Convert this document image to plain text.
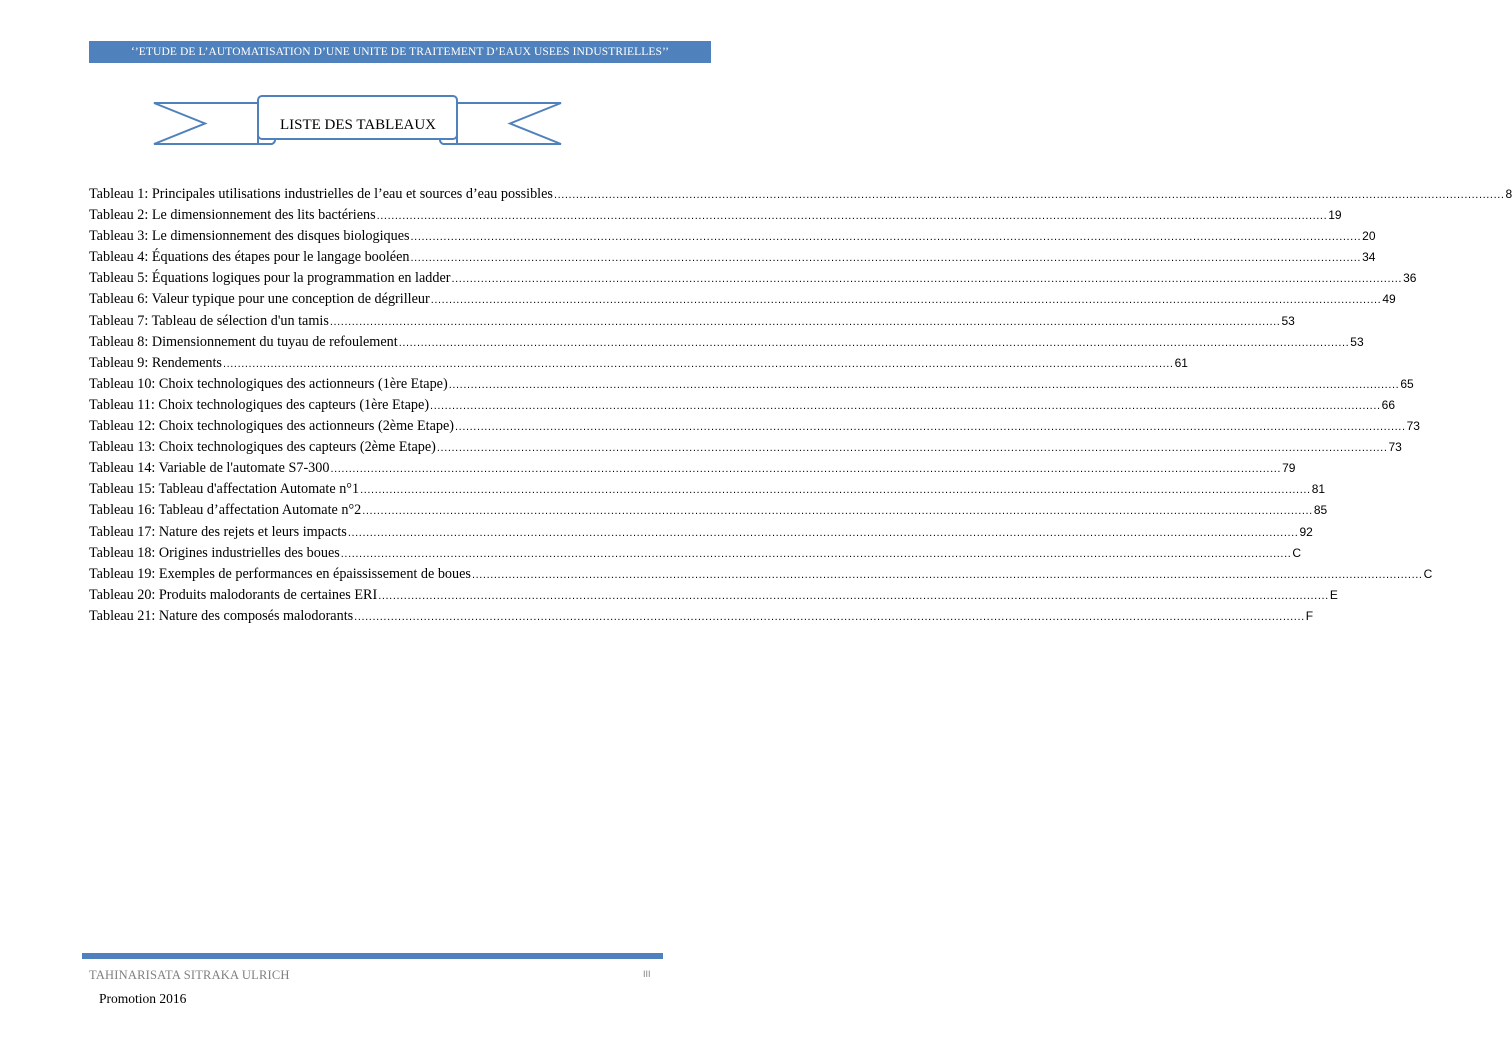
‘’ETUDE DE L’AUTOMATISATION D’UNE UNITE DE TRAITEMENT D’EAUX USEES INDUSTRIELLES’’
LISTE DES TABLEAUX
Tableau 1: Principales utilisations industrielles de l’eau et sources d’eau possibles .................................................................................................................................................................................................................................................................... 8
Tableau 2: Le dimensionnement des lits bactériens .................................................................................................................................................................................................................................................................... 19
Tableau 3: Le dimensionnement des disques biologiques .................................................................................................................................................................................................................................................................... 20
Tableau 4: Équations des étapes pour le langage booléen .................................................................................................................................................................................................................................................................... 34
Tableau 5: Équations logiques pour la programmation en ladder .................................................................................................................................................................................................................................................................... 36
Tableau 6: Valeur typique pour une conception de dégrilleur .................................................................................................................................................................................................................................................................... 49
Tableau 7: Tableau de sélection d'un tamis .................................................................................................................................................................................................................................................................... 53
Tableau 8: Dimensionnement du tuyau de refoulement .................................................................................................................................................................................................................................................................... 53
Tableau 9: Rendements .................................................................................................................................................................................................................................................................... 61
Tableau 10: Choix technologiques des actionneurs (1ère Etape) .................................................................................................................................................................................................................................................................... 65
Tableau 11: Choix technologiques des capteurs (1ère Etape) .................................................................................................................................................................................................................................................................... 66
Tableau 12: Choix technologiques des actionneurs (2ème Etape) .................................................................................................................................................................................................................................................................... 73
Tableau 13: Choix technologiques des capteurs (2ème Etape) .................................................................................................................................................................................................................................................................... 73
Tableau 14: Variable de l'automate S7-300 .................................................................................................................................................................................................................................................................... 79
Tableau 15: Tableau d'affectation Automate n°1 .................................................................................................................................................................................................................................................................... 81
Tableau 16: Tableau d’affectation Automate n°2 .................................................................................................................................................................................................................................................................... 85
Tableau 17: Nature des rejets et leurs impacts .................................................................................................................................................................................................................................................................... 92
Tableau 18: Origines industrielles des boues .................................................................................................................................................................................................................................................................... C
Tableau 19: Exemples de performances en épaississement de boues .................................................................................................................................................................................................................................................................... C
Tableau 20: Produits malodorants de certaines ERI .................................................................................................................................................................................................................................................................... E
Tableau 21: Nature des composés malodorants .................................................................................................................................................................................................................................................................... F
TAHINARISATA SITRAKA ULRICH	III
Promotion 2016
